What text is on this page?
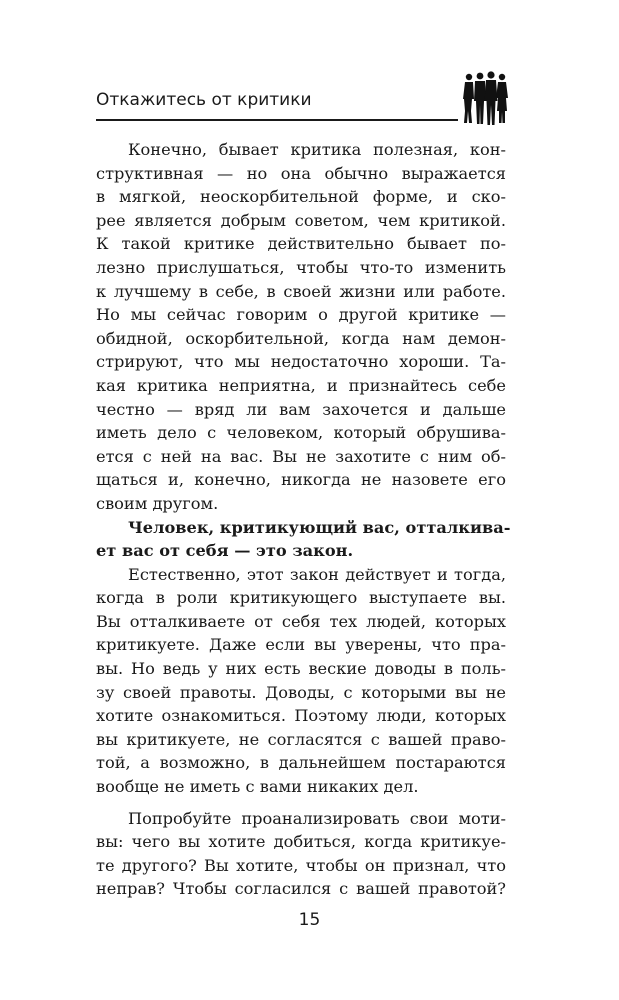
Откажитесь от критики
Конечно, бывает критика полезная, кон-
структивная — но она обычно выражается
в мягкой, неоскорбительной форме, и ско-
рее является добрым советом, чем критикой.
К такой критике действительно бывает по-
лезно прислушаться, чтобы что-то изменить
к лучшему в себе, в своей жизни или работе.
Но мы сейчас говорим о другой критике —
обидной, оскорбительной, когда нам демон-
стрируют, что мы недостаточно хороши. Та-
кая критика неприятна, и признайтесь себе
честно — вряд ли вам захочется и дальше
иметь дело с человеком, который обрушива-
ется с ней на вас. Вы не захотите с ним об-
щаться и, конечно, никогда не назовете его
своим другом.
Человек, критикующий вас, отталкива-
ет вас от себя — это закон.
Естественно, этот закон действует и тогда,
когда в роли критикующего выступаете вы.
Вы отталкиваете от себя тех людей, которых
критикуете. Даже если вы уверены, что пра-
вы. Но ведь у них есть веские доводы в поль-
зу своей правоты. Доводы, с которыми вы не
хотите ознакомиться. Поэтому люди, которых
вы критикуете, не согласятся с вашей право-
той, а возможно, в дальнейшем постараются
вообще не иметь с вами никаких дел.
Попробуйте проанализировать свои моти-
вы: чего вы хотите добиться, когда критикуе-
те другого? Вы хотите, чтобы он признал, что
неправ? Чтобы согласился с вашей правотой?
15
